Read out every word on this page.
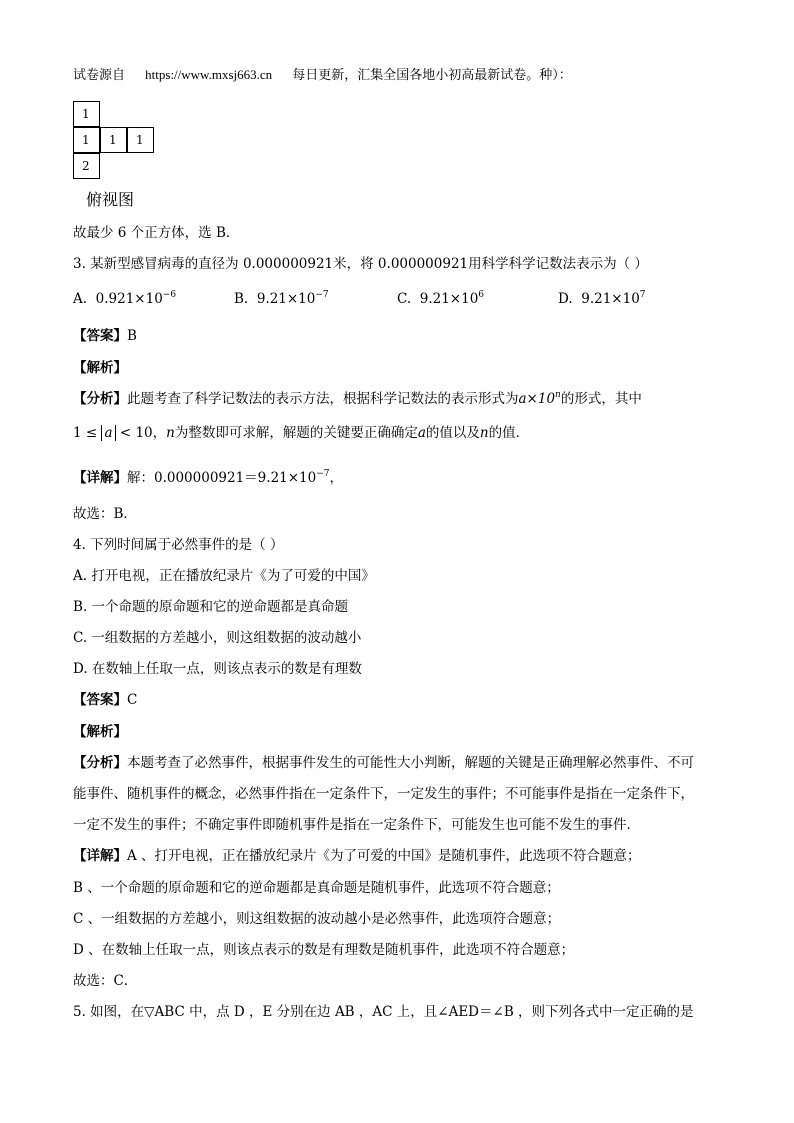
试卷源自 https://www.mxsj663.cn 每日更新，汇集全国各地小初高最新试卷。种）：
1
1	1	1
2
俯视图
故最少 6 个正方体，选 B．
3. 某新型感冒病毒的直径为 0.000000921米，将 0.000000921用科学科学记数法表示为（ ）
A. $0.921\times 10^{-6}$	B. $9.21\times 10^{-7}$	C. $9.21\times 10^6$	D. $9.21\times 10^7$
【答案】B
【解析】
【分析】此题考查了科学记数法的表示方法，根据科学记数法的表示形式为$a\times 10^n$的形式，其中
1 ≤ a < 10，n为整数即可求解，解题的关键要正确确定a的值以及n的值．
【详解】解：$0.000000921=9.21\times 10^{-7}$，
故选：B．
4. 下列时间属于必然事件的是（ ）
A. 打开电视，正在播放纪录片《为了可爱的中国》
B. 一个命题的原命题和它的逆命题都是真命题
C. 一组数据的方差越小，则这组数据的波动越小
D. 在数轴上任取一点，则该点表示的数是有理数
【答案】C
【解析】
【分析】本题考查了必然事件，根据事件发生的可能性大小判断，解题的关键是正确理解必然事件、不可
能事件、随机事件的概念，必然事件指在一定条件下，一定发生的事件；不可能事件是指在一定条件下，
一定不发生的事件；不确定事件即随机事件是指在一定条件下，可能发生也可能不发生的事件．
【详解】A 、打开电视，正在播放纪录片《为了可爱的中国》是随机事件，此选项不符合题意；
B 、一个命题的原命题和它的逆命题都是真命题是随机事件，此选项不符合题意；
C 、一组数据的方差越小，则这组数据的波动越小是必然事件，此选项符合题意；
D 、在数轴上任取一点，则该点表示的数是有理数是随机事件，此选项不符合题意；
故选：C．
5. 如图，在▽ABC 中，点 D ，E 分别在边 AB ，AC 上，且∠AED＝∠B ，则下列各式中一定正确的是
